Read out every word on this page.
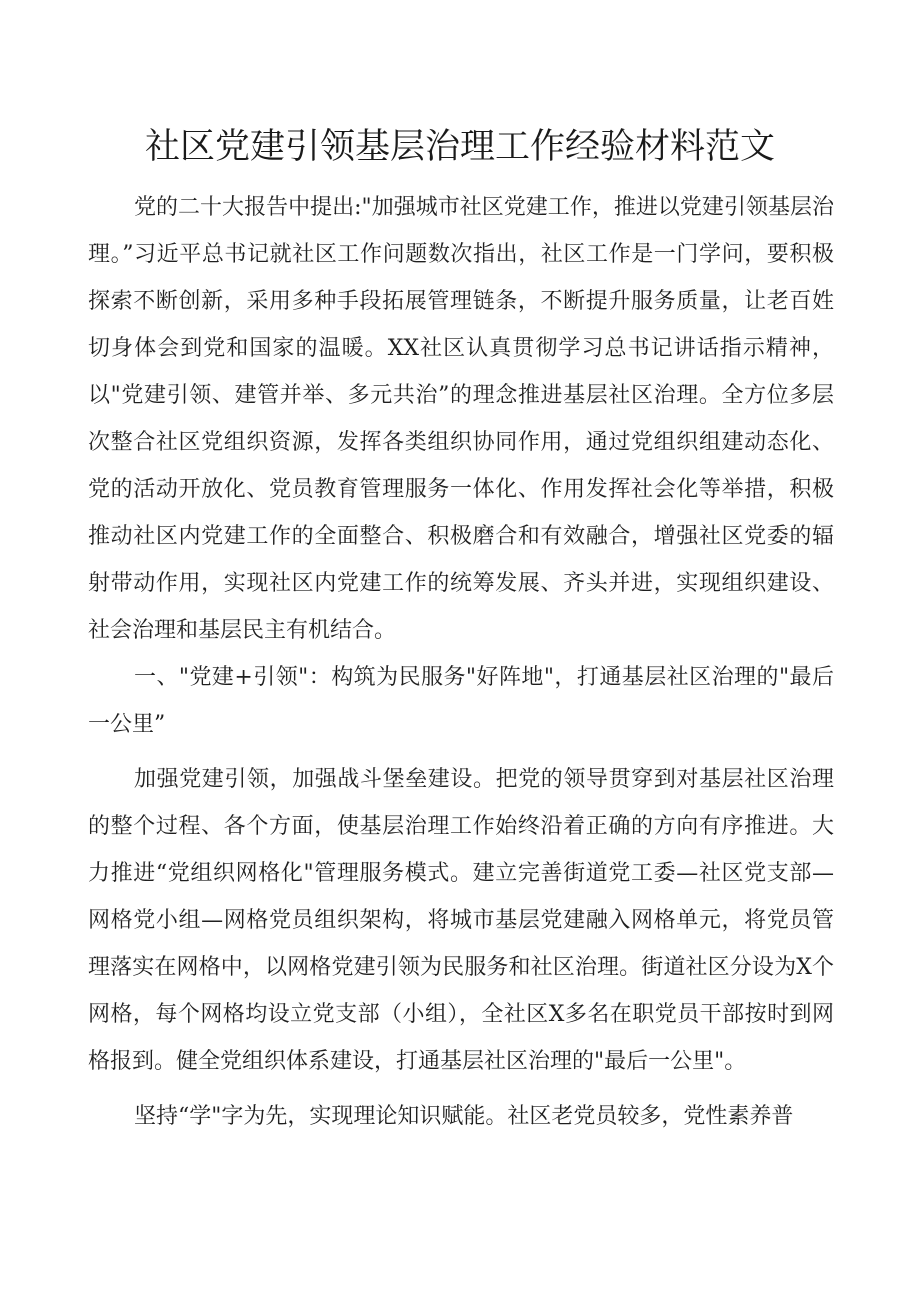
社区党建引领基层治理工作经验材料范文

党的二十大报告中提出:"加强城市社区党建工作，推进以党建引领基层治理。”习近平总书记就社区工作问题数次指出，社区工作是一门学问，要积极探索不断创新，采用多种手段拓展管理链条，不断提升服务质量，让老百姓切身体会到党和国家的温暖。XX社区认真贯彻学习总书记讲话指示精神，以"党建引领、建管并举、多元共治”的理念推进基层社区治理。全方位多层次整合社区党组织资源，发挥各类组织协同作用，通过党组织组建动态化、党的活动开放化、党员教育管理服务一体化、作用发挥社会化等举措，积极推动社区内党建工作的全面整合、积极磨合和有效融合，增强社区党委的辐射带动作用，实现社区内党建工作的统筹发展、齐头并进，实现组织建设、社会治理和基层民主有机结合。

一、"党建+引领"：构筑为民服务"好阵地"，打通基层社区治理的"最后一公里”

加强党建引领，加强战斗堡垒建设。把党的领导贯穿到对基层社区治理的整个过程、各个方面，使基层治理工作始终沿着正确的方向有序推进。大力推进“党组织网格化"管理服务模式。建立完善街道党工委—社区党支部—网格党小组—网格党员组织架构，将城市基层党建融入网格单元，将党员管理落实在网格中，以网格党建引领为民服务和社区治理。街道社区分设为X个网格，每个网格均设立党支部（小组），全社区X多名在职党员干部按时到网格报到。健全党组织体系建设，打通基层社区治理的"最后一公里"。

坚持“学"字为先，实现理论知识赋能。社区老党员较多，党性素养普
